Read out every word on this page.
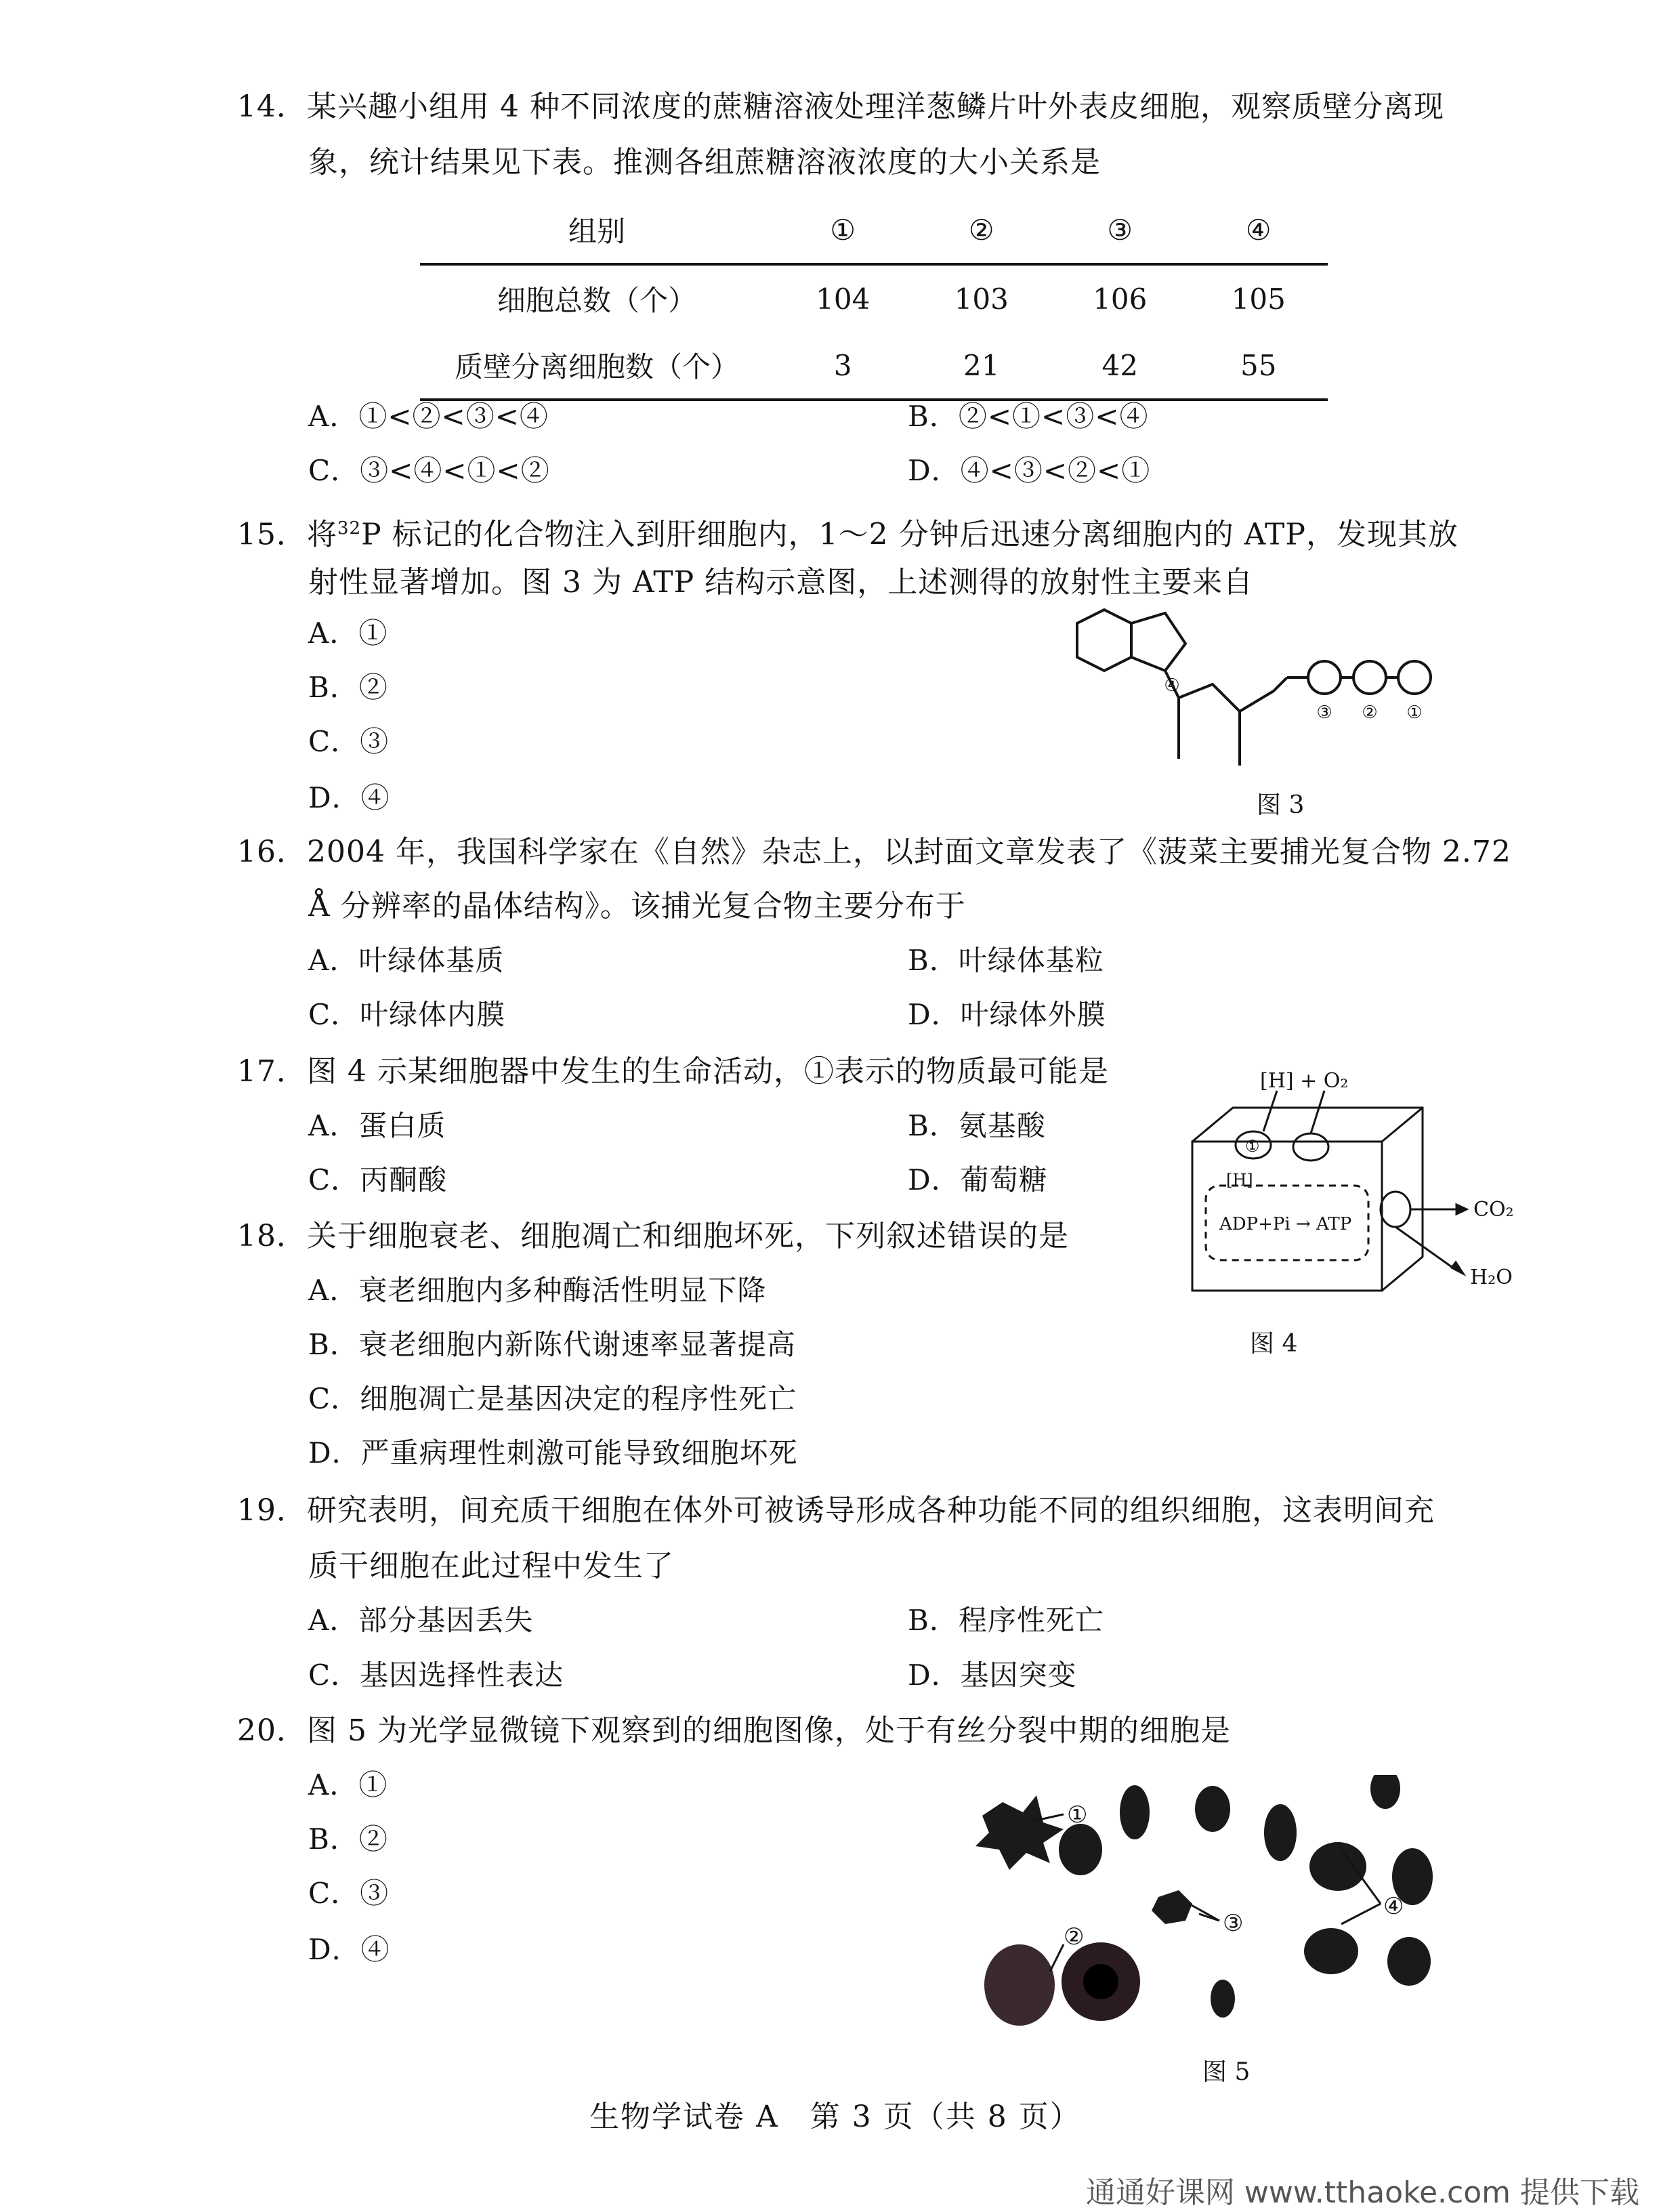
14．某兴趣小组用 4 种不同浓度的蔗糖溶液处理洋葱鳞片叶外表皮细胞，观察质壁分离现
象，统计结果见下表。推测各组蔗糖溶液浓度的大小关系是
组别	①	②	③	④
细胞总数（个）	104	103	106	105
质壁分离细胞数（个）	3	21	42	55
A．①<②<③<④	B．②<①<③<④
C．③<④<①<②	D．④<③<②<①
15．将$^{32}$P 标记的化合物注入到肝细胞内，1～2 分钟后迅速分离细胞内的 ATP，发现其放
射性显著增加。图 3 为 ATP 结构示意图，上述测得的放射性主要来自
A．①
B．②
C．③
D．④
④
③ ② ①
图 3
16．2004 年，我国科学家在《自然》杂志上，以封面文章发表了《菠菜主要捕光复合物 2.72
Å 分辨率的晶体结构》。该捕光复合物主要分布于
A．叶绿体基质	B．叶绿体基粒
C．叶绿体内膜	D．叶绿体外膜
17．图 4 示某细胞器中发生的生命活动，①表示的物质最可能是
A．蛋白质	B．氨基酸
C．丙酮酸	D．葡萄糖
[H] + O₂
①
[H]
ADP+Pi → ATP
CO₂
H₂O
图 4
18．关于细胞衰老、细胞凋亡和细胞坏死，下列叙述错误的是
A．衰老细胞内多种酶活性明显下降
B．衰老细胞内新陈代谢速率显著提高
C．细胞凋亡是基因决定的程序性死亡
D．严重病理性刺激可能导致细胞坏死
19．研究表明，间充质干细胞在体外可被诱导形成各种功能不同的组织细胞，这表明间充
质干细胞在此过程中发生了
A．部分基因丢失	B．程序性死亡
C．基因选择性表达	D．基因突变
20．图 5 为光学显微镜下观察到的细胞图像，处于有丝分裂中期的细胞是
A．①
B．②
C．③
D．④
①
②	③
④
图 5
生物学试卷 A　第 3 页（共 8 页）
通通好课网 www.tthaoke.com 提供下载
